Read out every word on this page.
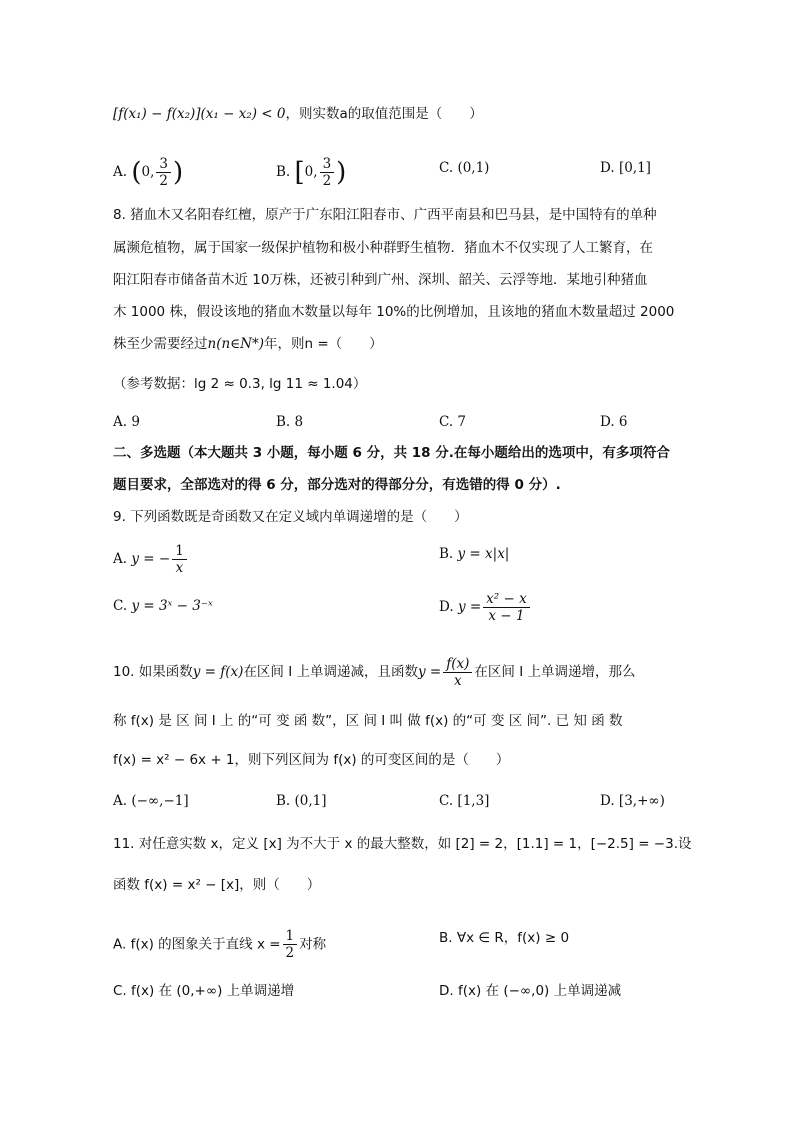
[f(x₁) − f(x₂)](x₁ − x₂) < 0，则实数a的取值范围是（　　）
A. (0, $\frac{3}{2}$ )	B. [0, $\frac{3}{2}$ )	C. (0,1)	D. [0,1]
8. 猪血木又名阳春红檀，原产于广东阳江阳春市、广西平南县和巴马县，是中国特有的单种
属濒危植物，属于国家一级保护植物和极小种群野生植物．猪血木不仅实现了人工繁育，在
阳江阳春市储备苗木近 10万株，还被引种到广州、深圳、韶关、云浮等地．某地引种猪血
木 1000 株，假设该地的猪血木数量以每年 10%的比例增加，且该地的猪血木数量超过 2000
株至少需要经过n(n∈N*)年，则n =（　　）
（参考数据：lg 2 ≈ 0.3, lg 11 ≈ 1.04）
A. 9	B. 8	C. 7	D. 6
二、多选题（本大题共 3 小题，每小题 6 分，共 18 分.在每小题给出的选项中，有多项符合
题目要求，全部选对的得 6 分，部分选对的得部分分，有选错的得 0 分）.
9. 下列函数既是奇函数又在定义域内单调递增的是（　　）
A. y = − $\frac{1}{x}$	B. y = x|x|
C. y = 3ˣ − 3⁻ˣ	D. $y = \frac{\text{x² − x}}{x - 1}$
10. 如果函数y = f(x)在区间 I 上单调递减，且函数$y = \frac{f(x)}{x}$ 在区间 I 上单调递增，那么
称 f(x) 是 区 间 I 上 的“可 变 函 数”，区 间 I 叫 做 f(x) 的“可 变 区 间”. 已 知 函 数
f(x) = x² − 6x + 1，则下列区间为 f(x) 的可变区间的是（　　）
A. (−∞,−1]	B. (0,1]	C. [1,3]	D. [3,+∞)
11. 对任意实数 x，定义 [x] 为不大于 x 的最大整数，如 [2] = 2，[1.1] = 1，[−2.5] = −3.设
函数 f(x) = x² − [x]，则（　　）
A. f(x) 的图象关于直线 $x = \frac{1}{2}$ 对称	B. ∀x ∈ R，f(x) ≥ 0
C. f(x) 在 (0,+∞) 上单调递增	D. f(x) 在 (−∞,0) 上单调递减
